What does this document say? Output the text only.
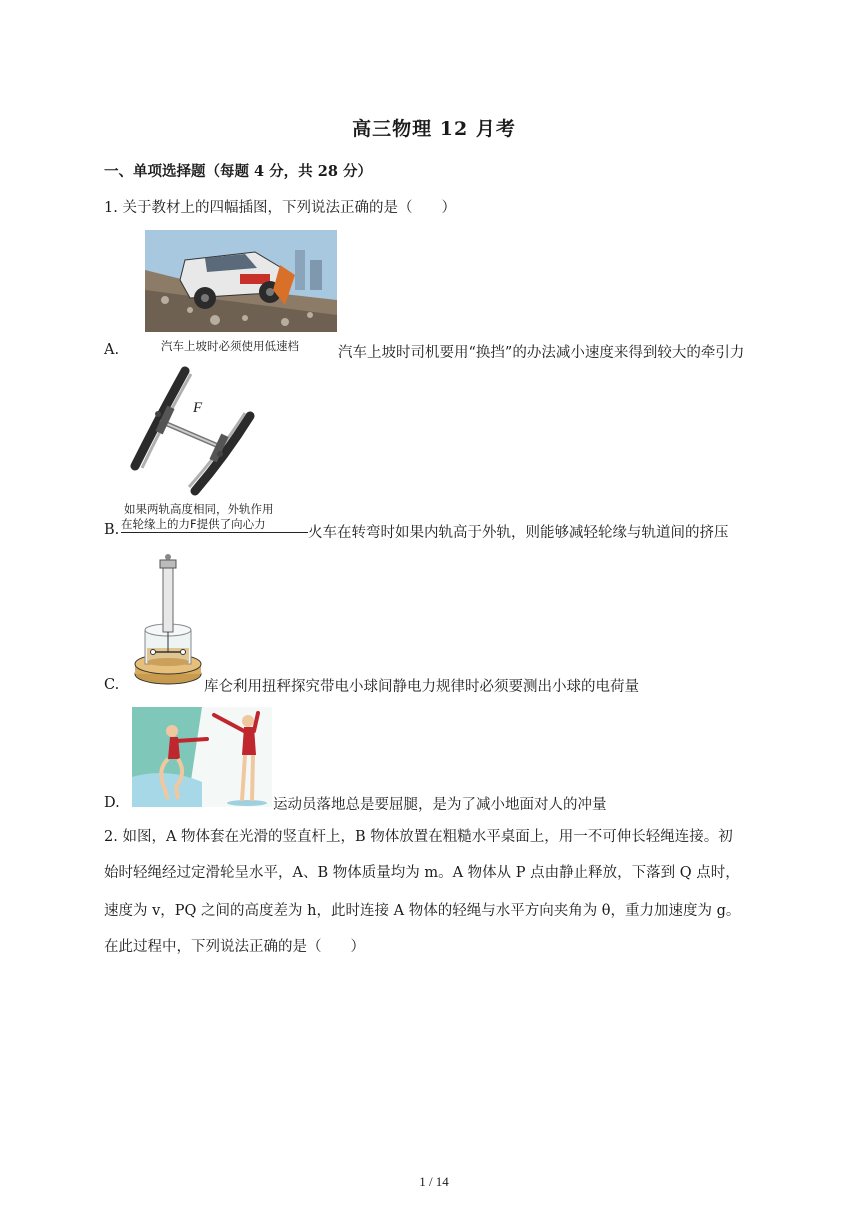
高三物理 12 月考
一、单项选择题（每题 4 分，共 28 分）
1. 关于教材上的四幅插图，下列说法正确的是（　　）
A.	汽车上坡时必须使用低速档	汽车上坡时司机要用“换挡”的办法减小速度来得到较大的牵引力
F
如果两轨高度相同，外轨作用
在轮缘上的力F提供了向心力
B.	火车在转弯时如果内轨高于外轨，则能够减轻轮缘与轨道间的挤压
C.	库仑利用扭秤探究带电小球间静电力规律时必须要测出小球的电荷量
D.	运动员落地总是要屈腿，是为了减小地面对人的冲量
2. 如图，A 物体套在光滑的竖直杆上，B 物体放置在粗糙水平桌面上，用一不可伸长轻绳连接。初
始时轻绳经过定滑轮呈水平，A、B 物体质量均为 m。A 物体从 P 点由静止释放，下落到 Q 点时，
速度为 v，PQ 之间的高度差为 h，此时连接 A 物体的轻绳与水平方向夹角为 θ，重力加速度为 g。
在此过程中，下列说法正确的是（　　）
1 / 14
